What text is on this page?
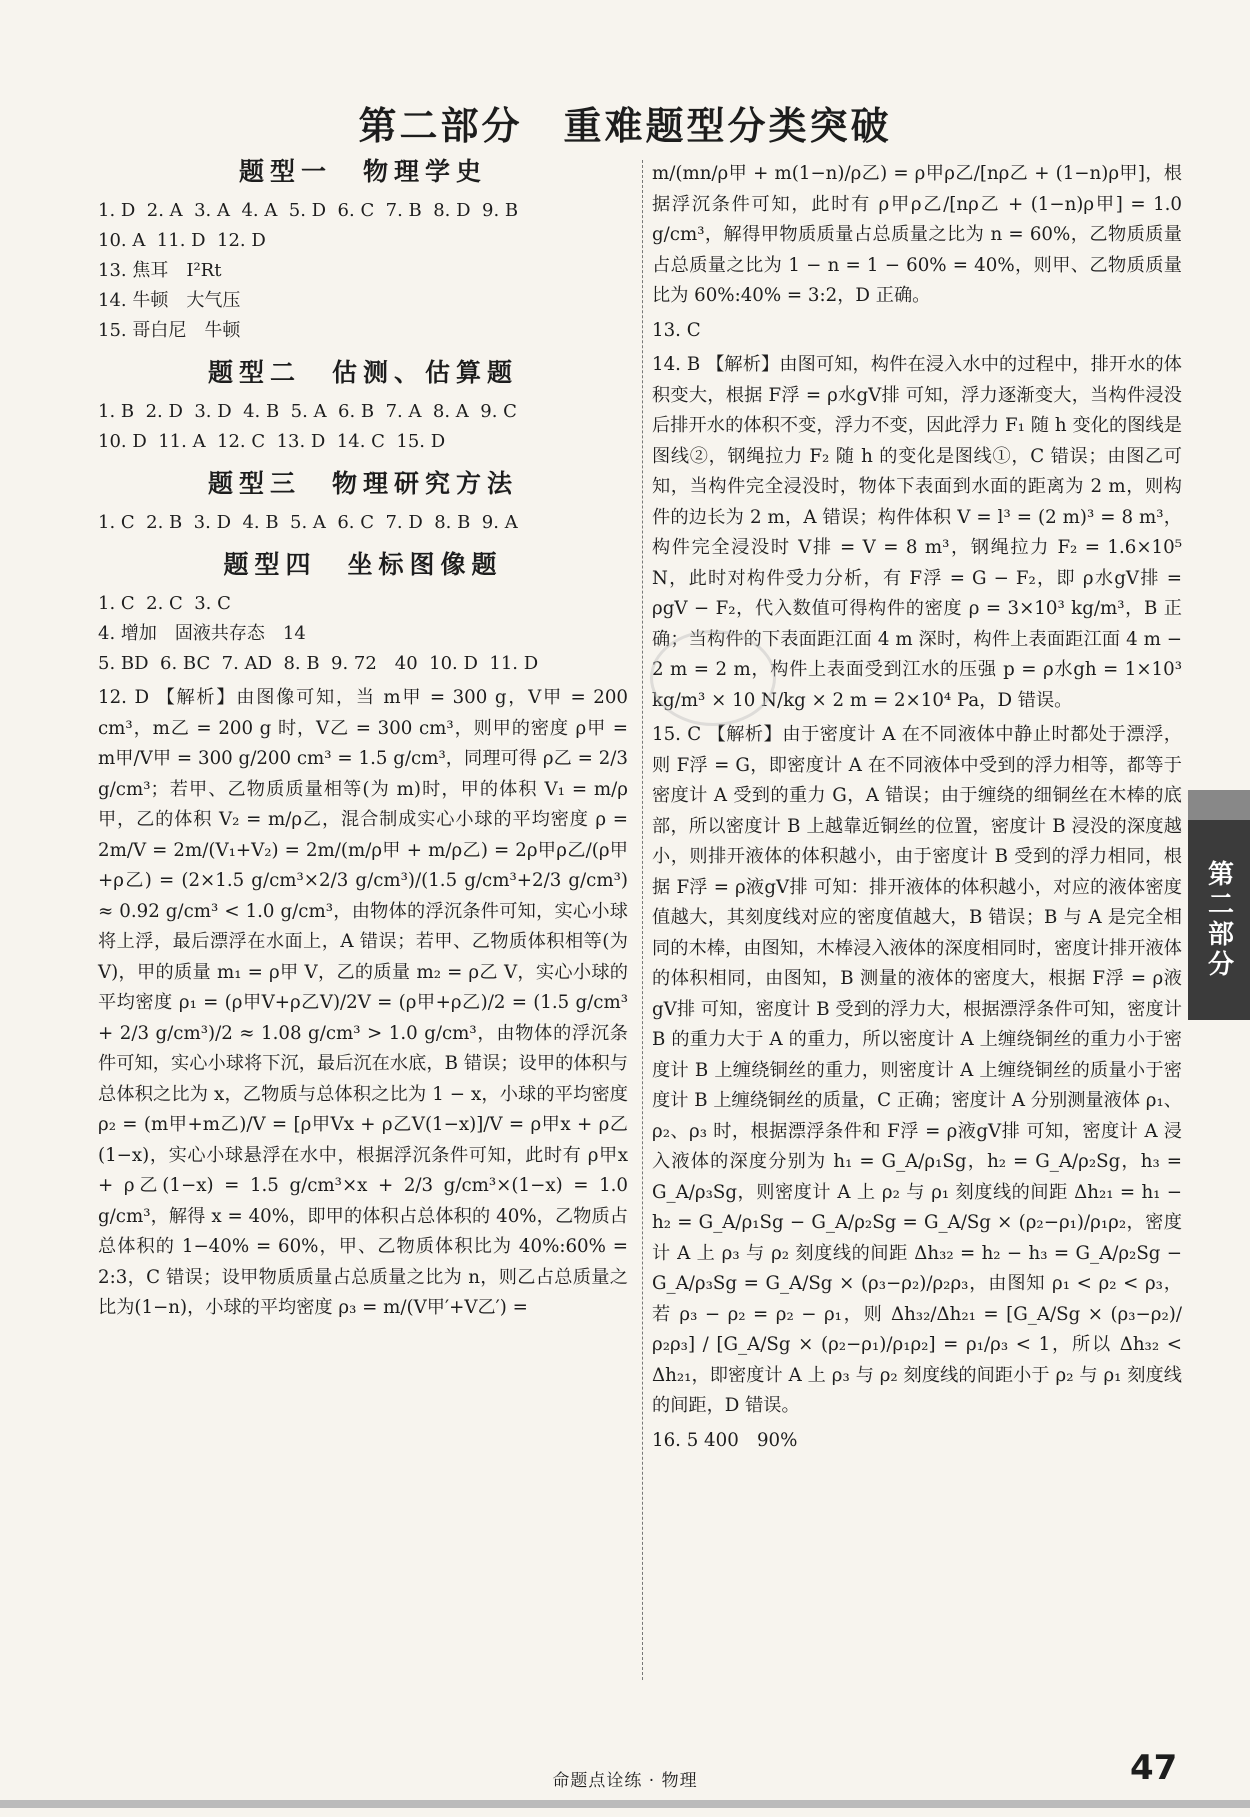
第二部分　重难题型分类突破
题型一　物理学史
1. D  2. A  3. A  4. A  5. D  6. C  7. B  8. D  9. B
10. A  11. D  12. D
13. 焦耳　I²Rt
14. 牛顿　大气压
15. 哥白尼　牛顿
题型二　估测、估算题
1. B  2. D  3. D  4. B  5. A  6. B  7. A  8. A  9. C
10. D  11. A  12. C  13. D  14. C  15. D
题型三　物理研究方法
1. C  2. B  3. D  4. B  5. A  6. C  7. D  8. B  9. A
题型四　坐标图像题
1. C  2. C  3. C
4. 增加　固液共存态　14
5. BD  6. BC  7. AD  8. B  9. 72　40  10. D  11. D
12. D 【解析】由图像可知，当 m甲 = 300 g，V甲 = 200 cm³，m乙 = 200 g 时，V乙 = 300 cm³，则甲的密度 ρ甲 = m甲/V甲 = 300 g/200 cm³ = 1.5 g/cm³，同理可得 ρ乙 = 2/3 g/cm³；若甲、乙物质质量相等(为 m)时，甲的体积 V₁ = m/ρ甲，乙的体积 V₂ = m/ρ乙，混合制成实心小球的平均密度 ρ = 2m/V = 2m/(V₁+V₂) = 2m/(m/ρ甲 + m/ρ乙) = 2ρ甲ρ乙/(ρ甲+ρ乙) = (2×1.5 g/cm³×2/3 g/cm³)/(1.5 g/cm³+2/3 g/cm³) ≈ 0.92 g/cm³ < 1.0 g/cm³，由物体的浮沉条件可知，实心小球将上浮，最后漂浮在水面上，A 错误；若甲、乙物质体积相等(为 V)，甲的质量 m₁ = ρ甲 V，乙的质量 m₂ = ρ乙 V，实心小球的平均密度 ρ₁ = (ρ甲V+ρ乙V)/2V = (ρ甲+ρ乙)/2 = (1.5 g/cm³ + 2/3 g/cm³)/2 ≈ 1.08 g/cm³ > 1.0 g/cm³，由物体的浮沉条件可知，实心小球将下沉，最后沉在水底，B 错误；设甲的体积与总体积之比为 x，乙物质与总体积之比为 1 − x，小球的平均密度 ρ₂ = (m甲+m乙)/V = [ρ甲Vx + ρ乙V(1−x)]/V = ρ甲x + ρ乙(1−x)，实心小球悬浮在水中，根据浮沉条件可知，此时有 ρ甲x + ρ乙(1−x) = 1.5 g/cm³×x + 2/3 g/cm³×(1−x) = 1.0 g/cm³，解得 x = 40%，即甲的体积占总体积的 40%，乙物质占总体积的 1−40% = 60%，甲、乙物质体积比为 40%:60% = 2:3，C 错误；设甲物质质量占总质量之比为 n，则乙占总质量之比为(1−n)，小球的平均密度 ρ₃ = m/(V甲′+V乙′) =
m/(mn/ρ甲 + m(1−n)/ρ乙) = ρ甲ρ乙/[nρ乙 + (1−n)ρ甲]，根据浮沉条件可知，此时有 ρ甲ρ乙/[nρ乙 + (1−n)ρ甲] = 1.0 g/cm³，解得甲物质质量占总质量之比为 n = 60%，乙物质质量占总质量之比为 1 − n = 1 − 60% = 40%，则甲、乙物质质量比为 60%:40% = 3:2，D 正确。
13. C
14. B 【解析】由图可知，构件在浸入水中的过程中，排开水的体积变大，根据 F浮 = ρ水gV排 可知，浮力逐渐变大，当构件浸没后排开水的体积不变，浮力不变，因此浮力 F₁ 随 h 变化的图线是图线②，钢绳拉力 F₂ 随 h 的变化是图线①，C 错误；由图乙可知，当构件完全浸没时，物体下表面到水面的距离为 2 m，则构件的边长为 2 m，A 错误；构件体积 V = l³ = (2 m)³ = 8 m³，构件完全浸没时 V排 = V = 8 m³，钢绳拉力 F₂ = 1.6×10⁵ N，此时对构件受力分析，有 F浮 = G − F₂，即 ρ水gV排 = ρgV − F₂，代入数值可得构件的密度 ρ = 3×10³ kg/m³，B 正确；当构件的下表面距江面 4 m 深时，构件上表面距江面 4 m − 2 m = 2 m，构件上表面受到江水的压强 p = ρ水gh = 1×10³ kg/m³ × 10 N/kg × 2 m = 2×10⁴ Pa，D 错误。
15. C 【解析】由于密度计 A 在不同液体中静止时都处于漂浮，则 F浮 = G，即密度计 A 在不同液体中受到的浮力相等，都等于密度计 A 受到的重力 G，A 错误；由于缠绕的细铜丝在木棒的底部，所以密度计 B 上越靠近铜丝的位置，密度计 B 浸没的深度越小，则排开液体的体积越小，由于密度计 B 受到的浮力相同，根据 F浮 = ρ液gV排 可知：排开液体的体积越小，对应的液体密度值越大，其刻度线对应的密度值越大，B 错误；B 与 A 是完全相同的木棒，由图知，木棒浸入液体的深度相同时，密度计排开液体的体积相同，由图知，B 测量的液体的密度大，根据 F浮 = ρ液gV排 可知，密度计 B 受到的浮力大，根据漂浮条件可知，密度计 B 的重力大于 A 的重力，所以密度计 A 上缠绕铜丝的重力小于密度计 B 上缠绕铜丝的重力，则密度计 A 上缠绕铜丝的质量小于密度计 B 上缠绕铜丝的质量，C 正确；密度计 A 分别测量液体 ρ₁、ρ₂、ρ₃ 时，根据漂浮条件和 F浮 = ρ液gV排 可知，密度计 A 浸入液体的深度分别为 h₁ = G_A/ρ₁Sg，h₂ = G_A/ρ₂Sg，h₃ = G_A/ρ₃Sg，则密度计 A 上 ρ₂ 与 ρ₁ 刻度线的间距 Δh₂₁ = h₁ − h₂ = G_A/ρ₁Sg − G_A/ρ₂Sg = G_A/Sg × (ρ₂−ρ₁)/ρ₁ρ₂，密度计 A 上 ρ₃ 与 ρ₂ 刻度线的间距 Δh₃₂ = h₂ − h₃ = G_A/ρ₂Sg − G_A/ρ₃Sg = G_A/Sg × (ρ₃−ρ₂)/ρ₂ρ₃，由图知 ρ₁ < ρ₂ < ρ₃，若 ρ₃ − ρ₂ = ρ₂ − ρ₁，则 Δh₃₂/Δh₂₁ = [G_A/Sg × (ρ₃−ρ₂)/ρ₂ρ₃] / [G_A/Sg × (ρ₂−ρ₁)/ρ₁ρ₂] = ρ₁/ρ₃ < 1，所以 Δh₃₂ < Δh₂₁，即密度计 A 上 ρ₃ 与 ρ₂ 刻度线的间距小于 ρ₂ 与 ρ₁ 刻度线的间距，D 错误。
16. 5 400　90%
第二部分
命题点诠练 · 物理	47
